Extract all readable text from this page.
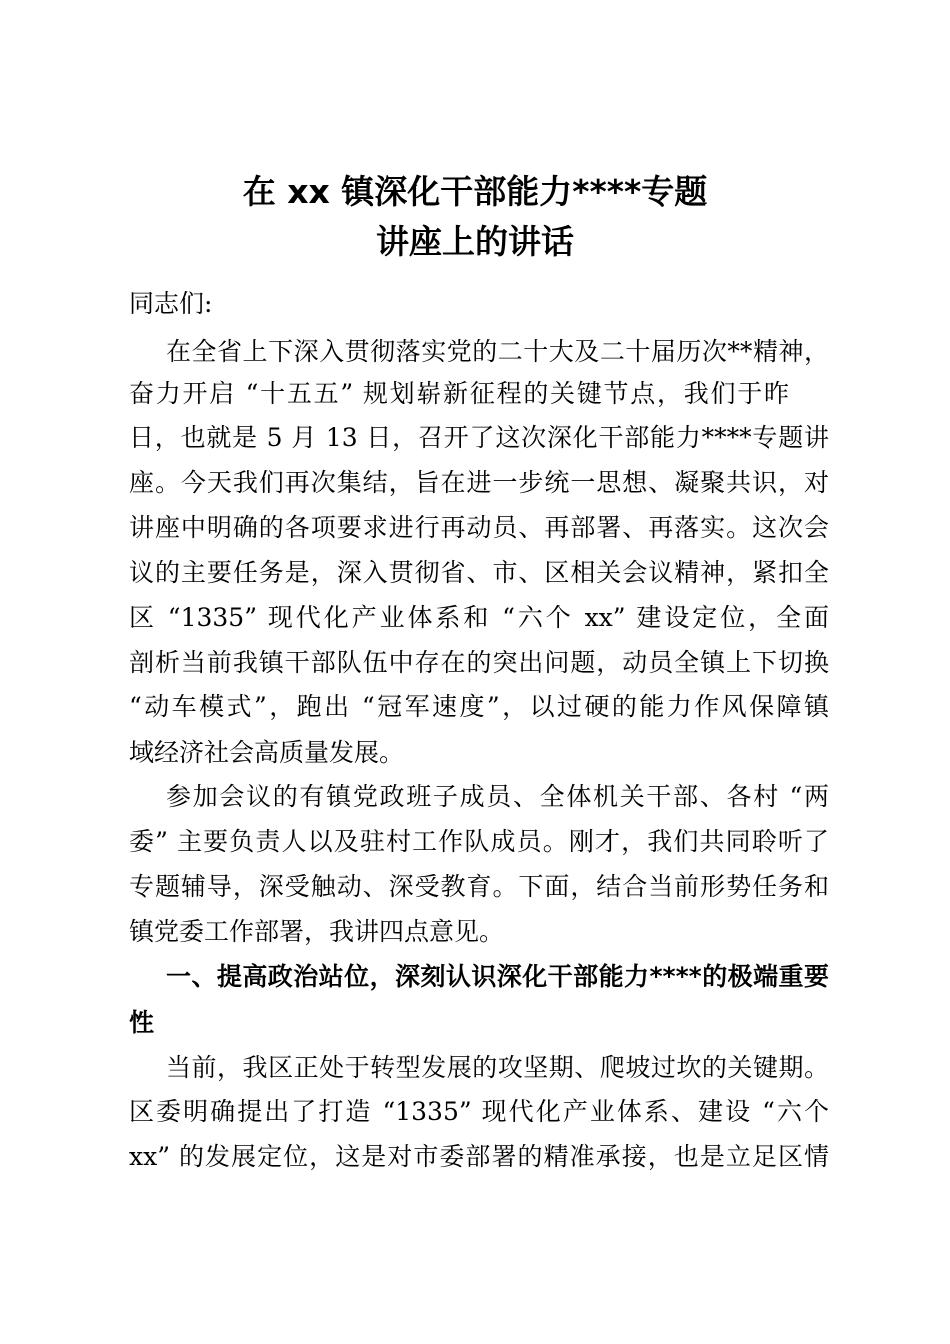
在 xx 镇深化干部能力****专题
讲座上的讲话
同志们:
在全省上下深入贯彻落实党的二十大及二十届历次**精神，
奋力开启 “十五五” 规划崭新征程的关键节点，我们于昨
日，也就是 5 月 13 日，召开了这次深化干部能力****专题讲
座。今天我们再次集结，旨在进一步统一思想、凝聚共识，对
讲座中明确的各项要求进行再动员、再部署、再落实。这次会
议的主要任务是，深入贯彻省、市、区相关会议精神，紧扣全
区 “1335” 现代化产业体系和 “六个 xx” 建设定位，全面
剖析当前我镇干部队伍中存在的突出问题，动员全镇上下切换
“动车模式”，跑出 “冠军速度”，以过硬的能力作风保障镇
域经济社会高质量发展。
参加会议的有镇党政班子成员、全体机关干部、各村 “两
委” 主要负责人以及驻村工作队成员。刚才，我们共同聆听了
专题辅导，深受触动、深受教育。下面，结合当前形势任务和
镇党委工作部署，我讲四点意见。
一、提高政治站位，深刻认识深化干部能力****的极端重要
性
当前，我区正处于转型发展的攻坚期、爬坡过坎的关键期。
区委明确提出了打造 “1335” 现代化产业体系、建设 “六个
xx” 的发展定位，这是对市委部署的精准承接，也是立足区情
